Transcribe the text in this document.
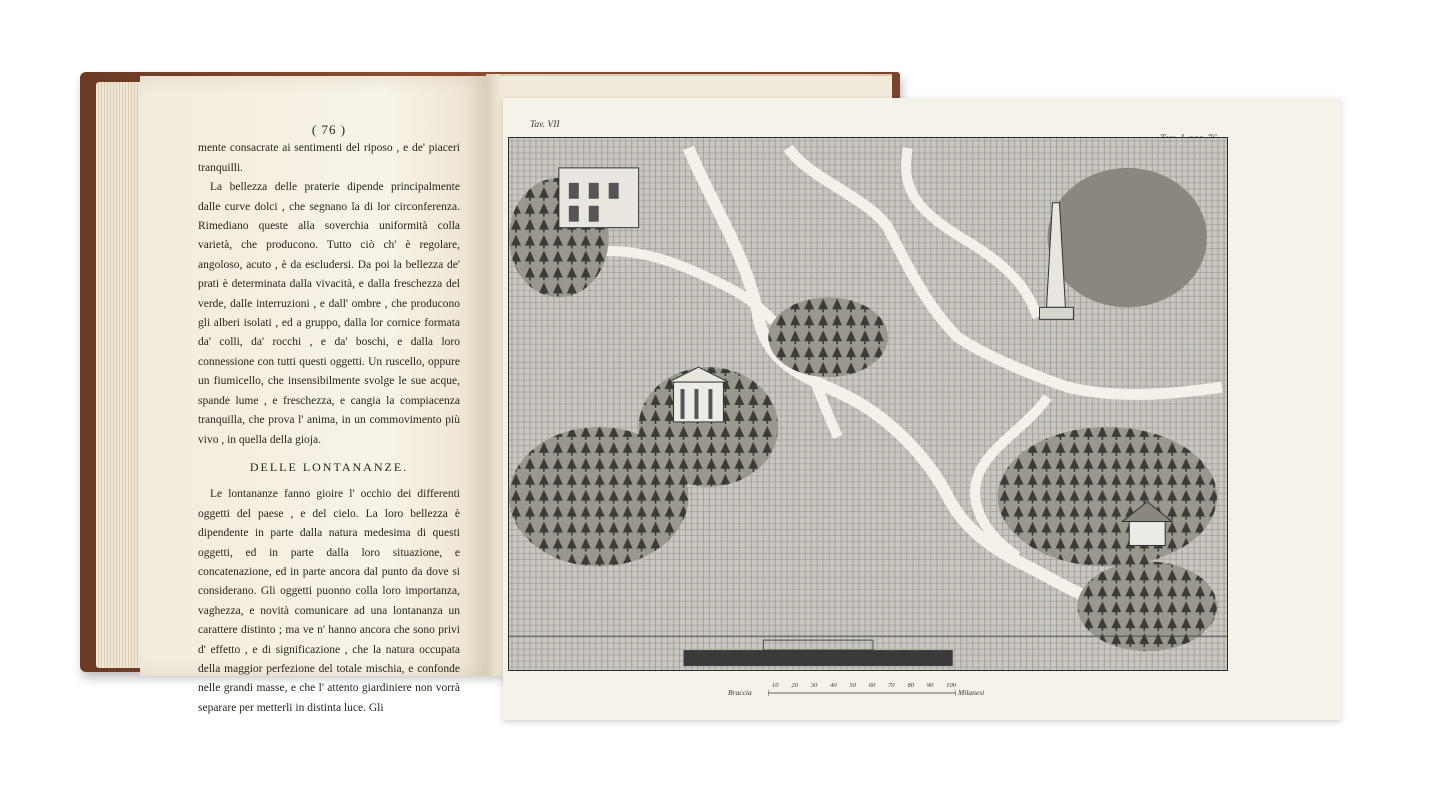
( 76 )

mente consacrate ai sentimenti del riposo , e de' piaceri tranquilli.

La bellezza delle praterie dipende principalmente dalle curve dolci , che segnano la di lor circonferenza. Rimediano queste alla soverchia uniformità colla varietà, che producono. Tutto ciò ch' è regolare, angoloso, acuto , è da escludersi. Da poi la bellezza de' prati è determinata dalla vivacità, e dalla freschezza del verde, dalle interruzioni , e dall' ombre , che producono gli alberi isolati , ed a gruppo, dalla lor cornice formata da' colli, da' rocchi , e da' boschi, e dalla loro connessione con tutti questi oggetti. Un ruscello, oppure un fiumicello, che insensibilmente svolge le sue acque, spande lume , e freschezza, e cangia la compiacenza tranquilla, che prova l' anima, in un commovimento più vivo , in quella della gioja.

DELLE LONTANANZE.

Le lontananze fanno gioire l' occhio dei differenti oggetti del paese , e del cielo. La loro bellezza è dipendente in parte dalla natura medesima di questi oggetti, ed in parte dalla loro situazione, e concatenazione, ed in parte ancora dal punto da dove si considerano. Gli oggetti puonno colla loro importanza, vaghezza, e novità comunicare ad una lontananza un carattere distinto ; ma ve n' hanno ancora che sono privi d' effetto , e di significazione , che la natura occupata della maggior perfezione del totale mischia, e confonde nelle grandi masse, e che l' attento giardiniere non vorrà separare per metterli in distinta luce. Gli

Tav. VII
Braccia
10 20 30 40 50 60 70 80 90 100
Milanesi
